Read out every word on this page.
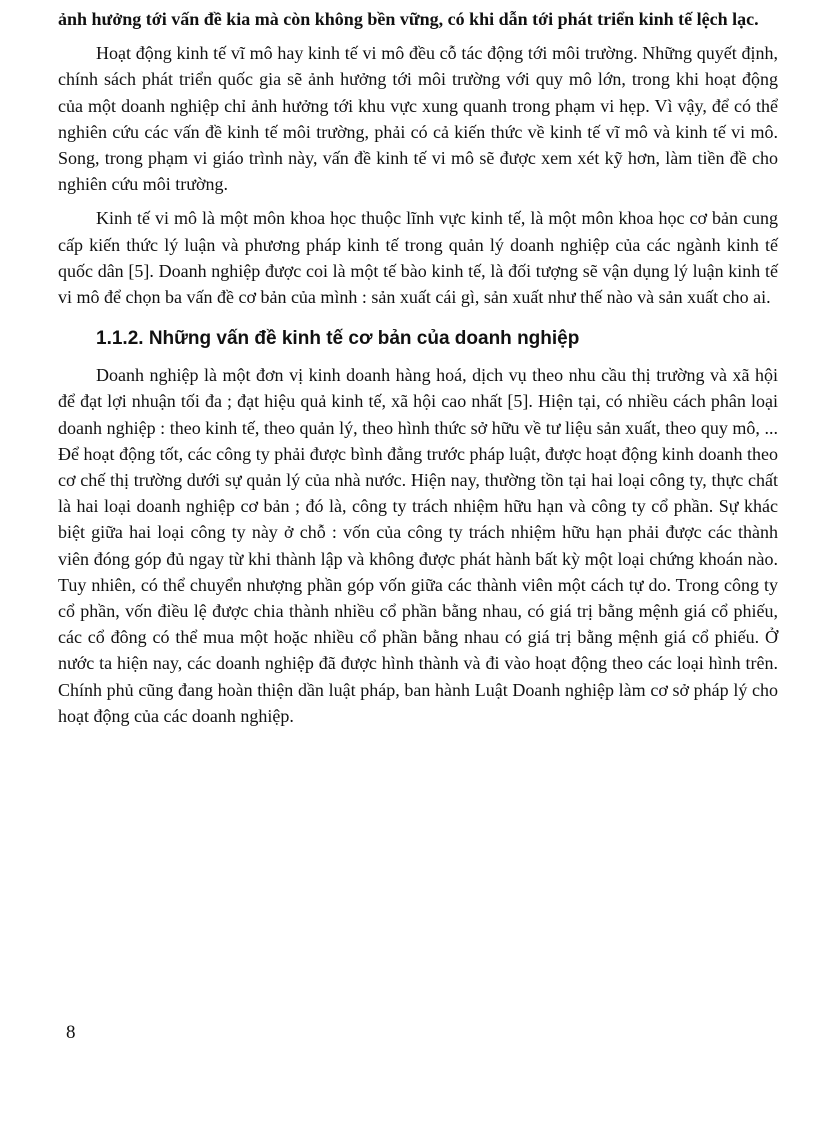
ảnh hưởng tới vấn đề kia mà còn không bền vững, có khi dẫn tới phát triển kinh tế lệch lạc.

Hoạt động kinh tế vĩ mô hay kinh tế vi mô đều cỗ tác động tới môi trường. Những quyết định, chính sách phát triển quốc gia sẽ ảnh hưởng tới môi trường với quy mô lớn, trong khi hoạt động của một doanh nghiệp chỉ ảnh hưởng tới khu vực xung quanh trong phạm vi hẹp. Vì vậy, để có thể nghiên cứu các vấn đề kinh tế môi trường, phải có cả kiến thức về kinh tế vĩ mô và kinh tế vi mô. Song, trong phạm vi giáo trình này, vấn đề kinh tế vi mô sẽ được xem xét kỹ hơn, làm tiền đề cho nghiên cứu môi trường.

Kinh tế vi mô là một môn khoa học thuộc lĩnh vực kinh tế, là một môn khoa học cơ bản cung cấp kiến thức lý luận và phương pháp kinh tế trong quản lý doanh nghiệp của các ngành kinh tế quốc dân [5]. Doanh nghiệp được coi là một tế bào kinh tế, là đối tượng sẽ vận dụng lý luận kinh tế vi mô để chọn ba vấn đề cơ bản của mình : sản xuất cái gì, sản xuất như thế nào và sản xuất cho ai.

1.1.2. Những vấn đề kinh tế cơ bản của doanh nghiệp

Doanh nghiệp là một đơn vị kinh doanh hàng hoá, dịch vụ theo nhu cầu thị trường và xã hội để đạt lợi nhuận tối đa ; đạt hiệu quả kinh tế, xã hội cao nhất [5]. Hiện tại, có nhiều cách phân loại doanh nghiệp : theo kinh tế, theo quản lý, theo hình thức sở hữu về tư liệu sản xuất, theo quy mô, ... Để hoạt động tốt, các công ty phải được bình đẳng trước pháp luật, được hoạt động kinh doanh theo cơ chế thị trường dưới sự quản lý của nhà nước. Hiện nay, thường tồn tại hai loại công ty, thực chất là hai loại doanh nghiệp cơ bản ; đó là, công ty trách nhiệm hữu hạn và công ty cổ phần. Sự khác biệt giữa hai loại công ty này ở chỗ : vốn của công ty trách nhiệm hữu hạn phải được các thành viên đóng góp đủ ngay từ khi thành lập và không được phát hành bất kỳ một loại chứng khoán nào. Tuy nhiên, có thể chuyển nhượng phần góp vốn giữa các thành viên một cách tự do. Trong công ty cổ phần, vốn điều lệ được chia thành nhiều cổ phần bằng nhau, có giá trị bằng mệnh giá cổ phiếu, các cổ đông có thể mua một hoặc nhiều cổ phần bằng nhau có giá trị bằng mệnh giá cổ phiếu. Ở nước ta hiện nay, các doanh nghiệp đã được hình thành và đi vào hoạt động theo các loại hình trên. Chính phủ cũng đang hoàn thiện dần luật pháp, ban hành Luật Doanh nghiệp làm cơ sở pháp lý cho hoạt động của các doanh nghiệp.

8
